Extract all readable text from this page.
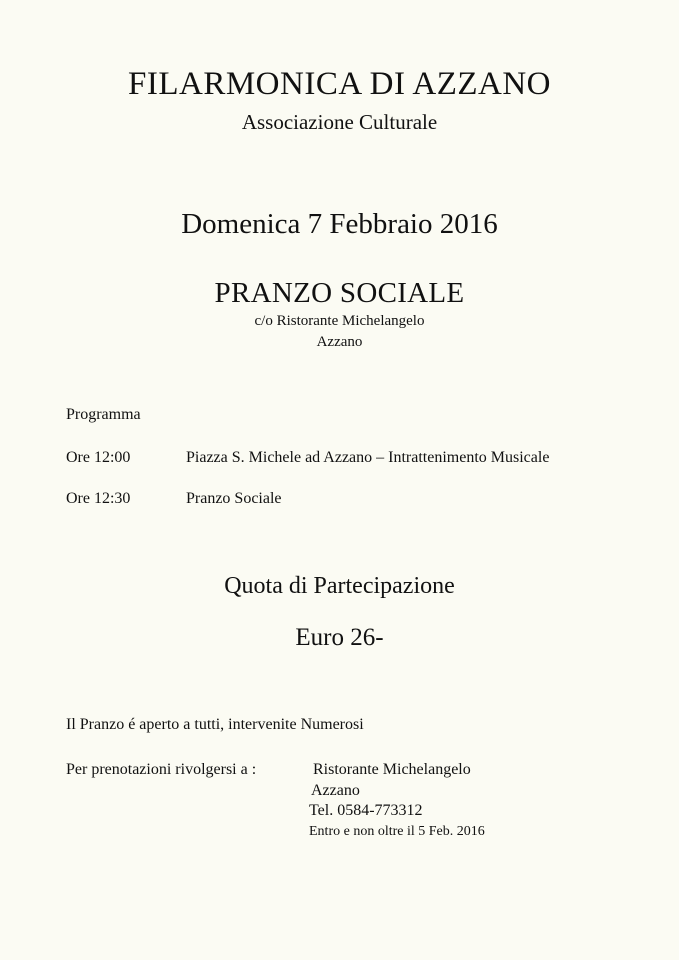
FILARMONICA DI AZZANO
Associazione Culturale
Domenica 7 Febbraio 2016
PRANZO SOCIALE
c/o Ristorante Michelangelo
Azzano
Programma
Ore 12:00	Piazza S. Michele ad Azzano – Intrattenimento Musicale
Ore 12:30	Pranzo Sociale
Quota di Partecipazione
Euro 26-
Il Pranzo é aperto a tutti, intervenite Numerosi
Per prenotazioni rivolgersi a :	Ristorante Michelangelo
Azzano
Tel. 0584-773312
Entro e non oltre il 5 Feb. 2016
